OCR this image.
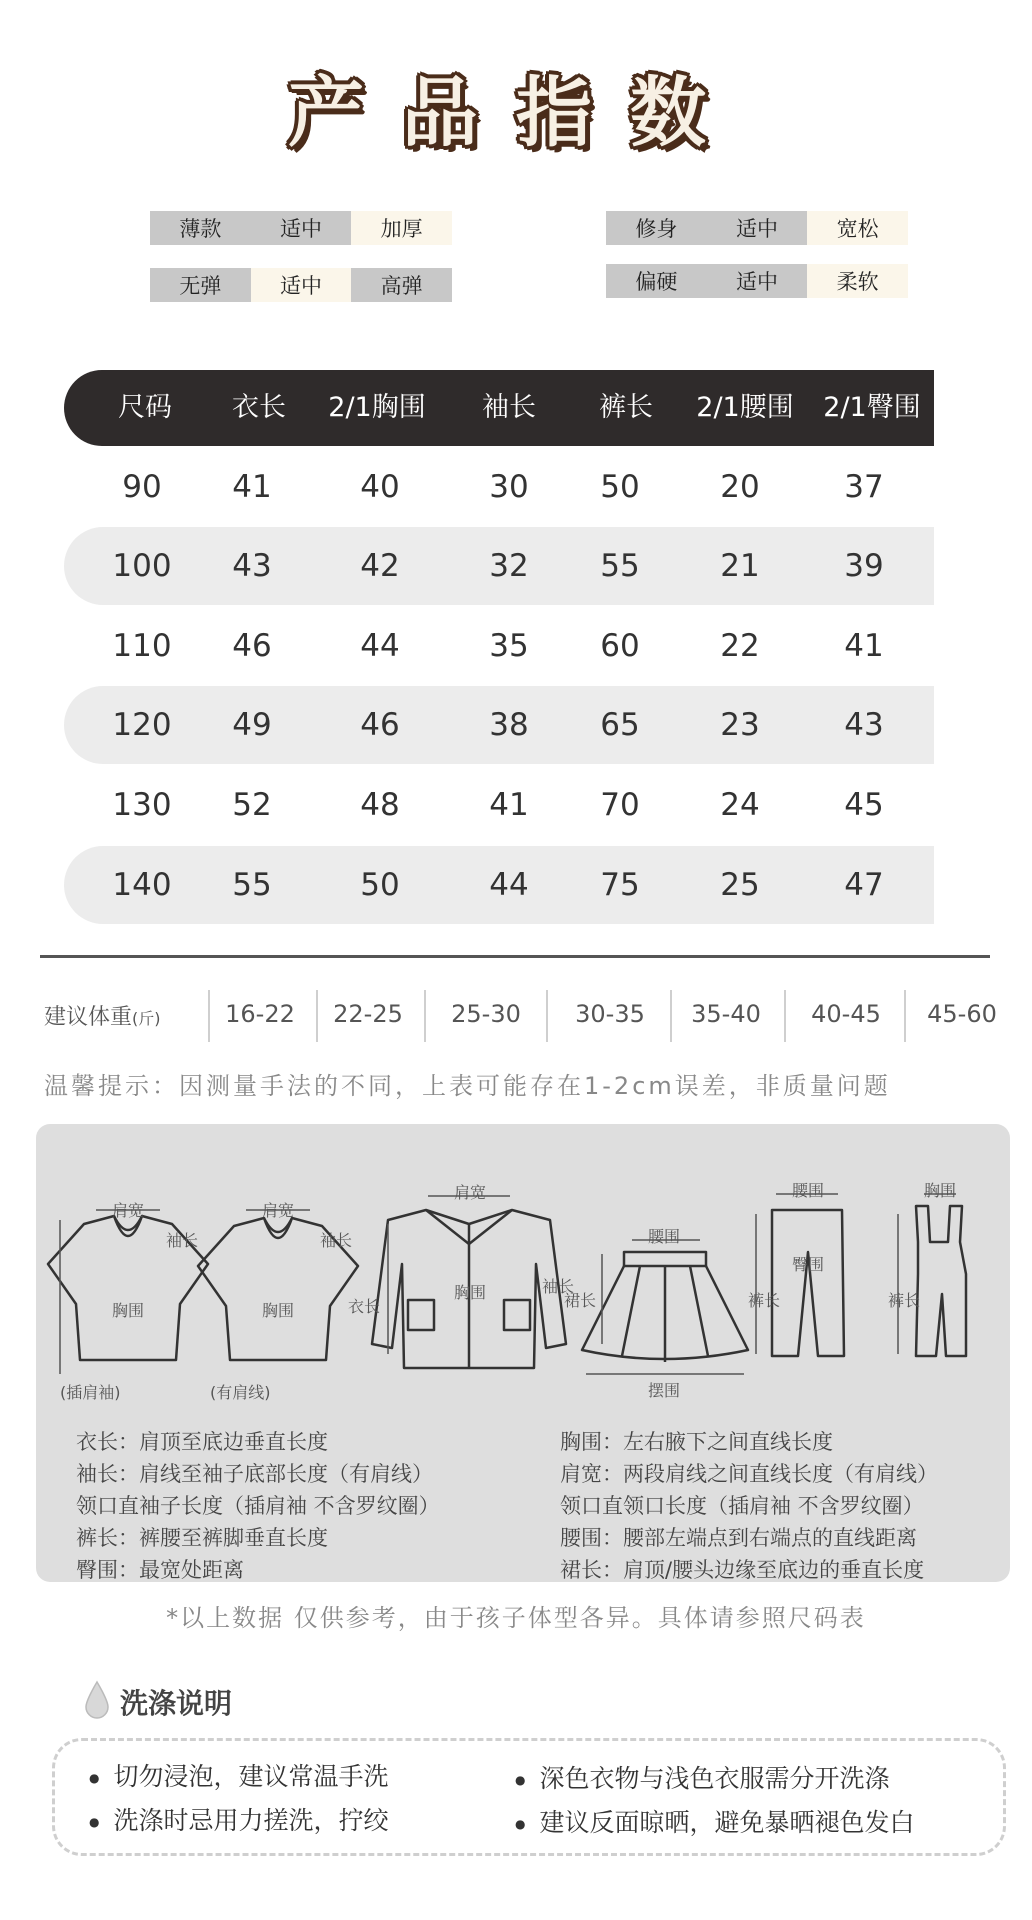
产品指数
薄款	适中	加厚	修身	适中	宽松
无弹	适中	高弹	偏硬	适中	柔软
尺码 衣长 2/1胸围 袖长 裤长 2/1腰围 2/1臀围
90 41	40	30 50	20	37
100 43	42	32 55	21	39
110 46	44	35 60	22	41
120 49	46	38 65	23	43
130 52	48	41 70	24	45
140 55	50	44 75	25	47
建议体重(斤)	16-22 22-25 25-30 30-35 35-40 40-45 45-60
温馨提示：因测量手法的不同，上表可能存在1-2cm误差，非质量问题
(插肩袖)	(有肩线)
肩宽
袖长
胸围
肩宽
袖长
胸围
肩宽
胸围
衣长
袖长
腰围
裙长
摆围
腰围
臀围
裤长
胸围
裤长
衣长：肩顶至底边垂直长度
袖长：肩线至袖子底部长度（有肩线）
领口直袖子长度（插肩袖 不含罗纹圈）
裤长：裤腰至裤脚垂直长度
臀围：最宽处距离
胸围：左右腋下之间直线长度
肩宽：两段肩线之间直线长度（有肩线）
领口直领口长度（插肩袖 不含罗纹圈）
腰围：腰部左端点到右端点的直线距离
裙长：肩顶/腰头边缘至底边的垂直长度
*以上数据 仅供参考，由于孩子体型各异。具体请参照尺码表
洗涤说明
● 切勿浸泡，建议常温手洗	● 深色衣物与浅色衣服需分开洗涤
● 洗涤时忌用力搓洗，拧绞	● 建议反面晾晒，避免暴晒褪色发白
